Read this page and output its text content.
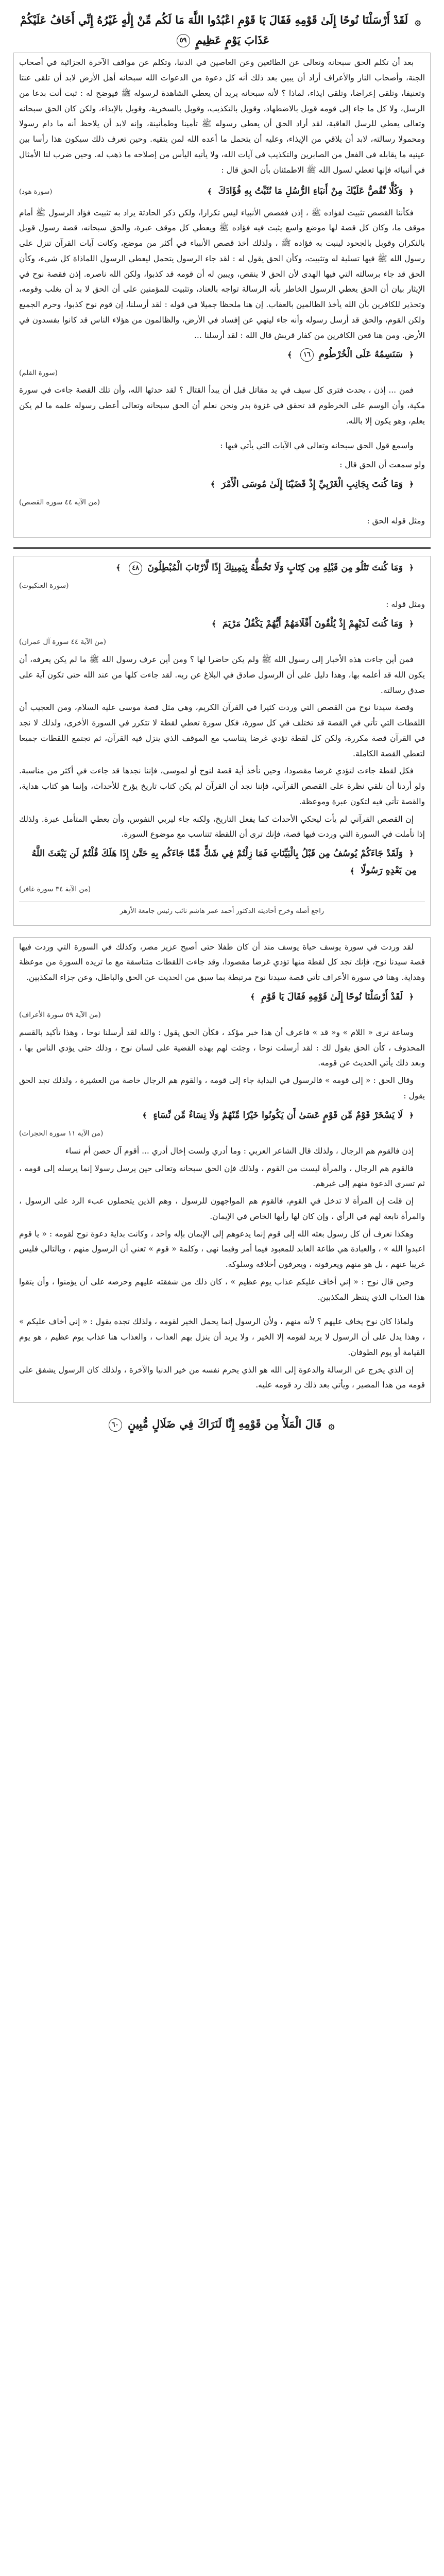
۞ لَقَدْ أَرْسَلْنَا نُوحًا إِلَىٰ قَوْمِهِ فَقَالَ يَا قَوْمِ اعْبُدُوا اللَّهَ مَا لَكُم مِّنْ إِلَٰهٍ غَيْرُهُ إِنِّي أَخَافُ عَلَيْكُمْ عَذَابَ يَوْمٍ عَظِيمٍ ٥٩

بعد أن تكلم الحق سبحانه وتعالى عن الطائعين وعن العاصين في الدنيا، وتكلم عن مواقف الآخرة الجزائية في أصحاب الجنة، وأصحاب النار والأعراف أراد أن يبين بعد ذلك أنه كل دعوة من الدعوات الله سبحانه أهل الأرض لابد أن تلقى عنتا وتعنيفا، وتلقى إعراضا، وتلقى ايذاء، لماذا ؟ لأنه سبحانه يريد أن يعطي الشاهدة لرسوله ﷺ فيوضح له : ثبت أنت بدعا من الرسل، ولا كل ما جاء إلى قومه قوبل بالاضطهاد، وقوبل بالتكذيب، وقوبل بالسخرية، وقوبل بالإيذاء، ولكن كان الحق سبحانه وتعالى يعطي للرسل العاقبة، لقد أراد الحق أن يعطي رسوله ﷺ تأمينا وطمأنينة، وإنه لابد أن يلاحظ أنه ما دام رسولا ومحمولا رسالته، لابد أن يلاقي من الإيذاء، وعليه أن يتحمل ما أعده الله لمن يتقيه. وحين تعرف ذلك سيكون هذا رأسا بين عينيه ما يقابله في الفعل من الصابرين والتكذيب في آيات الله، ولا يأتيه اليأس من إصلاحه ما ذهب له. وحين ضرب لنا الأمثال في أنبيائه فإنها تعطي لسول الله ﷺ الاطمئنان بأن الحق قال :

﴿ وَكُلًّا نَّقُصُّ عَلَيْكَ مِنْ أَنبَاءِ الرُّسُلِ مَا نُثَبِّتُ بِهِ فُؤَادَكَ ﴾
(سورة هود)

فكأننا القصص تثبيت لفؤاده ﷺ ، إذن فقصص الأنبياء ليس تكرارا، ولكن ذكر الحادثة يراد به تثبيت فؤاد الرسول ﷺ أمام موقف ما، وكان كل قصة لها موضع واسع يثبت فيه فؤاده ﷺ ويعطي كل موقف عبرة، والحق سبحانه، قصة رسول قوبل بالنكران وقوبل بالجحود لينبت به فؤاده ﷺ ، ولذلك أخذ قصص الأنبياء في أكثر من موضع، وكانت آيات القرآن تنزل على رسول الله ﷺ فيها تسلية له وتثبيت، وكأن الحق يقول له : لقد جاء الرسول يتحمل ليعطي الرسول اللماذاة كل شيء، وكأن الحق قد جاء برسالته التي فيها الهدى لأن الحق لا ينقص، ويبين له أن قومه قد كذبوا، ولكن الله ناصره. إذن فقصة نوح في الإيثار بيان أن الحق يعطي الرسول الخاطر بأنه الرسالة تواجه بالعناد، وتثبيت للمؤمنين على أن الحق لا بد أن يغلب وقومه، وتحذير للكافرين بأن الله يأخذ الظالمين بالعقاب. إن هنا ملحظا جميلا في قوله : لقد أرسلنا، إن قوم نوح كذبوا، وحرم الجميع ولكن القوم، والحق قد أرسل رسوله وأنه جاء لينهي عن إفساد في الأرض، والظالمون من هؤلاء الناس قد كانوا يفسدون في الأرض. ومن هنا فعن الكافرين من كفار قريش قال الله : لقد أرسلنا ...

﴿ سَنَسِمُهُ عَلَى الْخُرْطُومِ ١٦ ﴾

(سورة القلم)

فمن ... إذن ، يحدث فترى كل سيف في يد مقاتل قبل أن يبدأ القتال ؟ لقد حدثها الله، وأن تلك القصة جاءت في سورة مكية، وأن الوسم على الخرطوم قد تحقق في غزوة بدر ونحن نعلم أن الحق سبحانه وتعالى أعطى رسوله علمه ما لم يكن يعلم، وهو يكون إلا بالله.

واسمع قول الحق سبحانه وتعالى في الآيات التي يأتي فيها :

ولو سمعت أن الحق قال :

﴿ وَمَا كُنتَ بِجَانِبِ الْغَرْبِيِّ إِذْ قَضَيْنَا إِلَىٰ مُوسَى الْأَمْرَ ﴾

(من الآية ٤٤ سورة القصص)

ومثل قوله الحق :

﴿ وَمَا كُنتَ تَتْلُو مِن قَبْلِهِ مِن كِتَابٍ وَلَا تَخُطُّهُ بِيَمِينِكَ إِذًا لَّارْتَابَ الْمُبْطِلُونَ ٤٨ ﴾

(سورة العنكبوت)

ومثل قوله :

﴿ وَمَا كُنتَ لَدَيْهِمْ إِذْ يُلْقُونَ أَقْلَامَهُمْ أَيُّهُمْ يَكْفُلُ مَرْيَمَ ﴾

(من الآية ٤٤ سورة آل عمران)

فمن أين جاءت هذه الأخبار إلى رسول الله ﷺ ولم يكن حاضرا لها ؟ ومن أين عرف رسول الله ﷺ ما لم يكن يعرفه، أن يكون الله قد أعلمه بها، وهذا دليل على أن الرسول صادق في البلاغ عن ربه. لقد جاءت كلها من عند الله حتى تكون آية على صدق رسالته.

وقصة سيدنا نوح من القصص التي وردت كثيرا في القرآن الكريم، وهي مثل قصة موسى عليه السلام، ومن العجيب أن اللقطات التي تأتي في القصة قد تختلف في كل سورة، فكل سورة تعطي لقطة لا تتكرر في السورة الأخرى، ولذلك لا نجد في القرآن قصة مكررة، ولكن كل لقطة تؤدي غرضا يتناسب مع الموقف الذي ينزل فيه القرآن، ثم تجتمع اللقطات جميعا لتعطي القصة الكاملة.

فكل لقطة جاءت لتؤدي غرضا مقصودا، وحين نأخذ أية قصة لنوح أو لموسى، فإننا نجدها قد جاءت في أكثر من مناسبة. ولو أردنا أن نلقي نظرة على القصص القرآني، فإننا نجد أن القرآن لم يكن كتاب تاريخ يؤرخ للأحداث، وإنما هو كتاب هداية، والقصة تأتي فيه لتكون عبرة وموعظة.

إن القصص القرآني لم يأت ليحكي الأحداث كما يفعل التاريخ، ولكنه جاء ليربي النفوس، وأن يعطي المتأمل عبرة. ولذلك إذا تأملت في السورة التي وردت فيها قصة، فإنك ترى أن اللقطة تتناسب مع موضوع السورة.

﴿ وَلَقَدْ جَاءَكُمْ يُوسُفُ مِن قَبْلُ بِالْبَيِّنَاتِ فَمَا زِلْتُمْ فِي شَكٍّ مِّمَّا جَاءَكُم بِهِ حَتَّىٰ إِذَا هَلَكَ قُلْتُمْ لَن يَبْعَثَ اللَّهُ مِن بَعْدِهِ رَسُولًا ﴾

(من الآية ٣٤ سورة غافر)

راجع أصله وخرج أحاديثه الدكتور أحمد عمر هاشم نائب رئيس جامعة الأزهر

لقد وردت في سورة يوسف حياة يوسف منذ أن كان طفلا حتى أصبح عزيز مصر، وكذلك في السورة التي وردت فيها قصة سيدنا نوح، فإنك تجد كل لقطة منها تؤدي غرضا مقصودا، وقد جاءت اللقطات متناسقة مع ما تريده السورة من موعظة وهداية. وهنا في سورة الأعراف تأتي قصة سيدنا نوح مرتبطة بما سبق من الحديث عن الحق والباطل، وعن جزاء المكذبين.

﴿ لَقَدْ أَرْسَلْنَا نُوحًا إِلَىٰ قَوْمِهِ فَقَالَ يَا قَوْمِ ﴾

(من الآية ٥٩ سورة الأعراف)

وساعة ترى « اللام » و« قد » فاعرف أن هذا خبر مؤكد ، فكأن الحق يقول : والله لقد أرسلنا نوحا ، وهذا تأكيد بالقسم المحذوف ، كأن الحق يقول لك : لقد أرسلت نوحا ، وجئت لهم بهذه القضية على لسان نوح ، وذلك حتى يؤدي الناس بها ، وبعد ذلك يأتي الحديث عن قومه.

وقال الحق : « إلى قومه » فالرسول في البداية جاء إلى قومه ، والقوم هم الرجال خاصة من العشيرة ، ولذلك تجد الحق يقول :

﴿ لَا يَسْخَرْ قَوْمٌ مِّن قَوْمٍ عَسَىٰ أَن يَكُونُوا خَيْرًا مِّنْهُمْ وَلَا نِسَاءٌ مِّن نِّسَاءٍ ﴾

(من الآية ١١ سورة الحجرات)

إذن فالقوم هم الرجال ، ولذلك قال الشاعر العربي : وما أدري ولست إخال أدري ... أقوم آل حصن أم نساء

فالقوم هم الرجال ، والمرأة ليست من القوم ، ولذلك فإن الحق سبحانه وتعالى حين يرسل رسولا إنما يرسله إلى قومه ، ثم تسري الدعوة منهم إلى غيرهم.

إن قلت إن المرأة لا تدخل في القوم، فالقوم هم المواجهون للرسول ، وهم الذين يتحملون عبء الرد على الرسول ، والمرأة تابعة لهم في الرأي ، وإن كان لها رأيها الخاص في الإيمان.

وهكذا نعرف أن كل رسول بعثه الله إلى قوم إنما يدعوهم إلى الإيمان بإله واحد ، وكانت بداية دعوة نوح لقومه : « يا قوم اعبدوا الله » ، والعبادة هي طاعة العابد للمعبود فيما أمر وفيما نهى ، وكلمة « قوم » تعني أن الرسول منهم ، وبالتالي فليس غريبا عنهم ، بل هو منهم ويعرفونه ، ويعرفون أخلاقه وسلوكه.

وحين قال نوح : « إني أخاف عليكم عذاب يوم عظيم » ، كان ذلك من شفقته عليهم وحرصه على أن يؤمنوا ، وأن يتقوا هذا العذاب الذي ينتظر المكذبين.

ولماذا كان نوح يخاف عليهم ؟ لأنه منهم ، ولأن الرسول إنما يحمل الخير لقومه ، ولذلك تجده يقول : « إني أخاف عليكم » ، وهذا يدل على أن الرسول لا يريد لقومه إلا الخير ، ولا يريد أن ينزل بهم العذاب ، والعذاب هنا عذاب يوم عظيم ، هو يوم القيامة أو يوم الطوفان.

إن الذي يخرج عن الرسالة والدعوة إلى الله هو الذي يحرم نفسه من خير الدنيا والآخرة ، ولذلك كان الرسول يشفق على قومه من هذا المصير ، ويأتي بعد ذلك رد قومه عليه.

۞ قَالَ الْمَلَأُ مِن قَوْمِهِ إِنَّا لَنَرَاكَ فِي ضَلَالٍ مُّبِينٍ ٦٠
